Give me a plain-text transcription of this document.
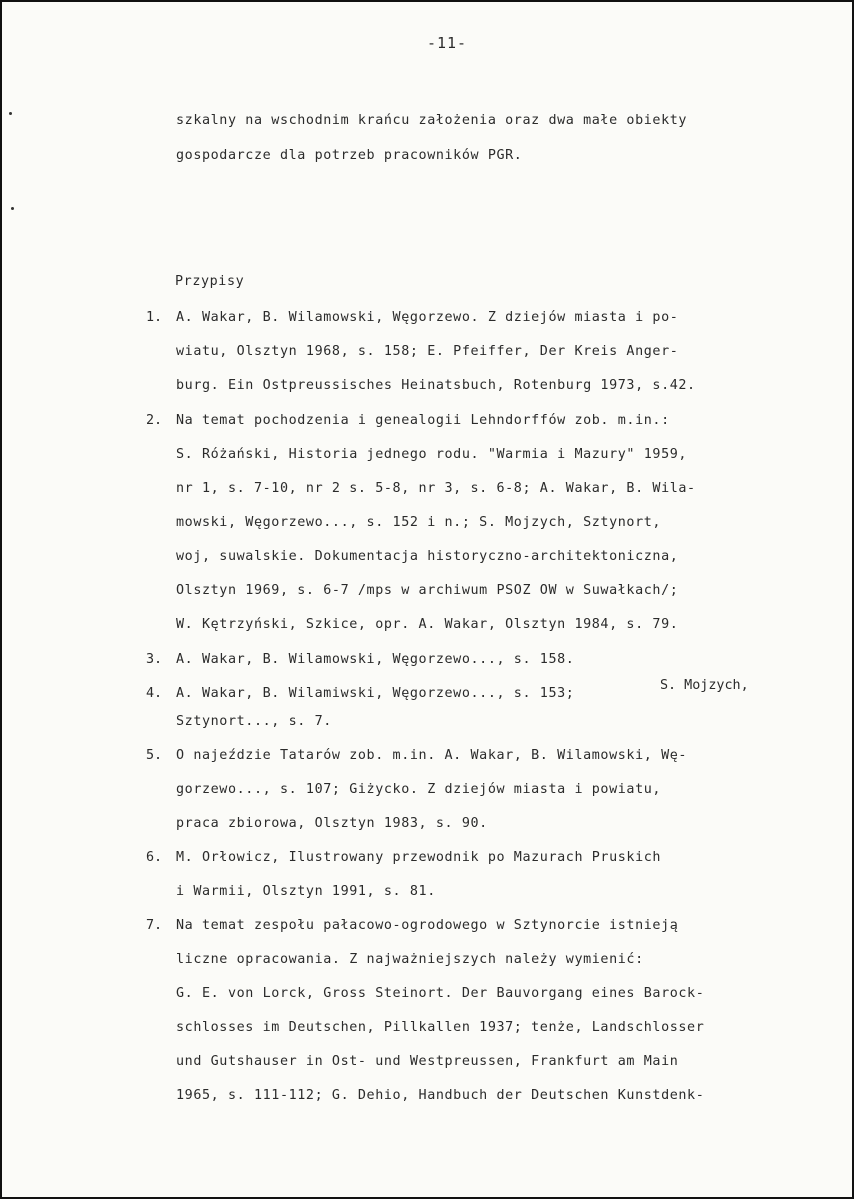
-11-
szkalny na wschodnim krańcu założenia oraz dwa małe obiekty
gospodarcze dla potrzeb pracowników PGR.
Przypisy
1. A. Wakar, B. Wilamowski, Węgorzewo. Z dziejów miasta i po-
wiatu, Olsztyn 1968, s. 158; E. Pfeiffer, Der Kreis Anger-
burg. Ein Ostpreussisches Heinatsbuch, Rotenburg 1973, s.42.
2. Na temat pochodzenia i genealogii Lehndorffów zob. m.in.:
S. Różański, Historia jednego rodu. "Warmia i Mazury" 1959,
nr 1, s. 7-10, nr 2 s. 5-8, nr 3, s. 6-8; A. Wakar, B. Wila-
mowski, Węgorzewo..., s. 152 i n.; S. Mojzych, Sztynort,
woj, suwalskie. Dokumentacja historyczno-architektoniczna,
Olsztyn 1969, s. 6-7 /mps w archiwum PSOZ OW w Suwałkach/;
W. Kętrzyński, Szkice, opr. A. Wakar, Olsztyn 1984, s. 79.
3. A. Wakar, B. Wilamowski, Węgorzewo..., s. 158.
4. A. Wakar, B. Wilamiwski, Węgorzewo..., s. 153;
S. Mojzych,
Sztynort..., s. 7.
5. O najeździe Tatarów zob. m.in. A. Wakar, B. Wilamowski, Wę-
gorzewo..., s. 107; Giżycko. Z dziejów miasta i powiatu,
praca zbiorowa, Olsztyn 1983, s. 90.
6. M. Orłowicz, Ilustrowany przewodnik po Mazurach Pruskich
i Warmii, Olsztyn 1991, s. 81.
7. Na temat zespołu pałacowo-ogrodowego w Sztynorcie istnieją
liczne opracowania. Z najważniejszych należy wymienić:
G. E. von Lorck, Gross Steinort. Der Bauvorgang eines Barock-
schlosses im Deutschen, Pillkallen 1937; tenże, Landschlosser
und Gutshauser in Ost- und Westpreussen, Frankfurt am Main
1965, s. 111-112; G. Dehio, Handbuch der Deutschen Kunstdenk-
